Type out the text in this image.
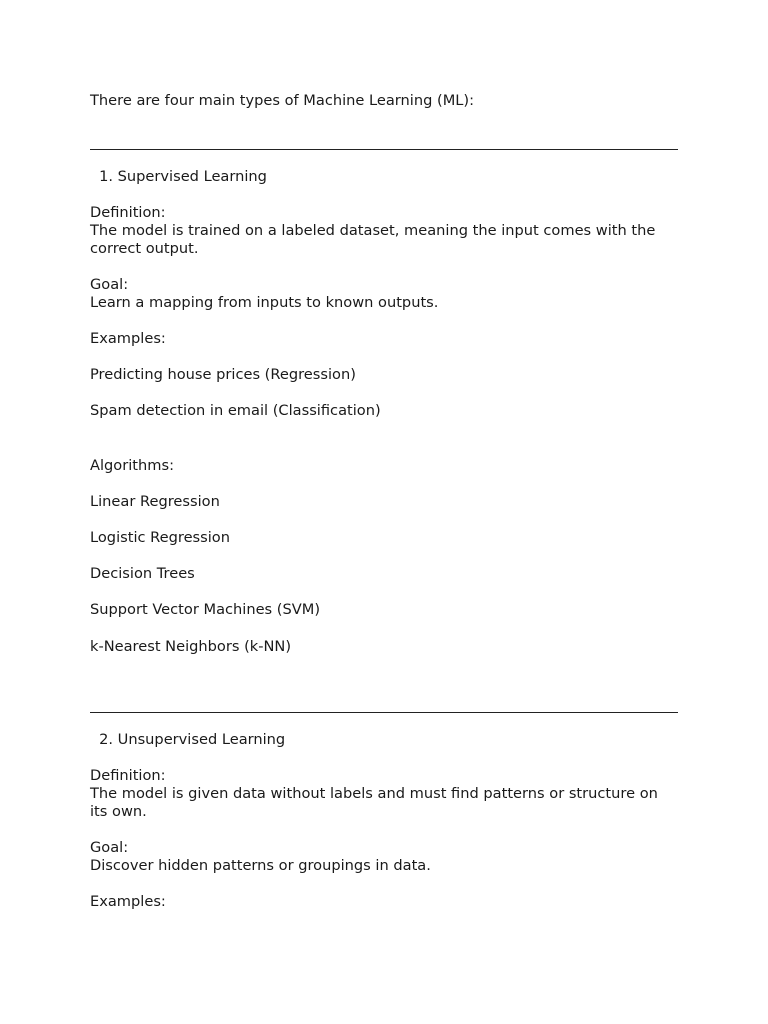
There are four main types of Machine Learning (ML):
1. Supervised Learning
Definition:
The model is trained on a labeled dataset, meaning the input comes with the
correct output.
Goal:
Learn a mapping from inputs to known outputs.
Examples:
Predicting house prices (Regression)
Spam detection in email (Classification)
Algorithms:
Linear Regression
Logistic Regression
Decision Trees
Support Vector Machines (SVM)
k-Nearest Neighbors (k-NN)
2. Unsupervised Learning
Definition:
The model is given data without labels and must find patterns or structure on
its own.
Goal:
Discover hidden patterns or groupings in data.
Examples:
